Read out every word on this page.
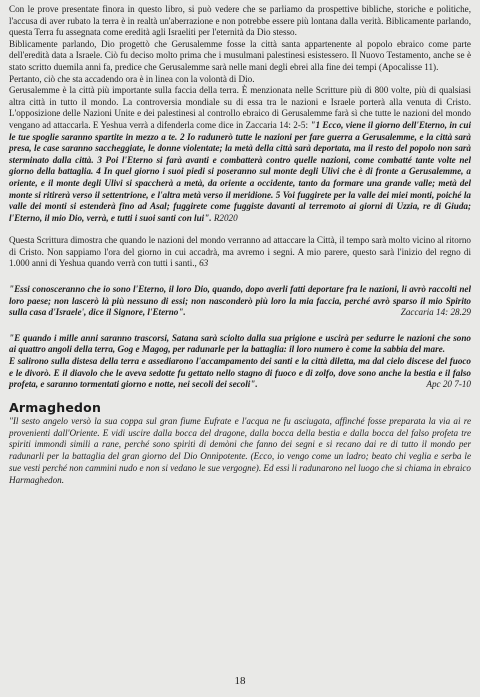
Con le prove presentate finora in questo libro, si può vedere che se parliamo da prospettive bibliche, storiche e politiche, l'accusa di aver rubato la terra è in realtà un'aberrazione e non potrebbe essere più lontana dalla verità. Biblicamente parlando, questa Terra fu assegnata come eredità agli Israeliti per l'eternità da Dio stesso.

Biblicamente parlando, Dio progettò che Gerusalemme fosse la città santa appartenente al popolo ebraico come parte dell'eredità data a Israele. Ciò fu deciso molto prima che i musulmani palestinesi esistessero. Il Nuovo Testamento, anche se è stato scritto duemila anni fa, predice che Gerusalemme sarà nelle mani degli ebrei alla fine dei tempi (Apocalisse 11).

Pertanto, ciò che sta accadendo ora è in linea con la volontà di Dio.

Gerusalemme è la città più importante sulla faccia della terra. È menzionata nelle Scritture più di 800 volte, più di qualsiasi altra città in tutto il mondo. La controversia mondiale su di essa tra le nazioni e Israele porterà alla venuta di Cristo. L'opposizione delle Nazioni Unite e dei palestinesi al controllo ebraico di Gerusalemme farà sì che tutte le nazioni del mondo vengano ad attaccarla. E Yeshua verrà a difenderla come dice in Zaccaria 14: 2-5: "1 Ecco, viene il giorno dell'Eterno, in cui le tue spoglie saranno spartite in mezzo a te. 2 Io radunerò tutte le nazioni per fare guerra a Gerusalemme, e la città sarà presa, le case saranno saccheggiate, le donne violentate; la metà della città sarà deportata, ma il resto del popolo non sarà sterminato dalla città. 3 Poi l'Eterno si farà avanti e combatterà contro quelle nazioni, come combatté tante volte nel giorno della battaglia. 4 In quel giorno i suoi piedi si poseranno sul monte degli Ulivi che è di fronte a Gerusalemme, a oriente, e il monte degli Ulivi si spaccherà a metà, da oriente a occidente, tanto da formare una grande valle; metà del monte si ritirerà verso il settentrione, e l'altra metà verso il meridione. 5 Voi fuggirete per la valle dei miei monti, poiché la valle dei monti si estenderà fino ad Asal; fuggirete come fuggiste davanti al terremoto ai giorni di Uzzia, re di Giuda; l'Eterno, il mio Dio, verrà, e tutti i suoi santi con lui". R2020

Questa Scrittura dimostra che quando le nazioni del mondo verranno ad attaccare la Città, il tempo sarà molto vicino al ritorno di Cristo. Non sappiamo l'ora del giorno in cui accadrà, ma avremo i segni. A mio parere, questo sarà l'inizio del regno di 1.000 anni di Yeshua quando verrà con tutti i santi., 63

"Essi conosceranno che io sono l'Eterno, il loro Dio, quando, dopo averli fatti deportare fra le nazioni, li avrò raccolti nel loro paese; non lascerò là più nessuno di essi; non nasconderò più loro la mia faccia, perché avrò sparso il mio Spirito sulla casa d'Israele', dice il Signore, l'Eterno".	Zaccaria 14: 28.29

"E quando i mille anni saranno trascorsi, Satana sarà sciolto dalla sua prigione e uscirà per sedurre le nazioni che sono ai quattro angoli della terra, Gog e Magog, per radunarle per la battaglia: il loro numero è come la sabbia del mare.
E salirono sulla distesa della terra e assediarono l'accampamento dei santi e la città diletta, ma dal cielo discese del fuoco e le divorò. E il diavolo che le aveva sedotte fu gettato nello stagno di fuoco e di zolfo, dove sono anche la bestia e il falso profeta, e saranno tormentati giorno e notte, nei secoli dei secoli".	Apc 20 7-10
Armaghedon

"Il sesto angelo versò la sua coppa sul gran fiume Eufrate e l'acqua ne fu asciugata, affinché fosse preparata la via ai re provenienti dall'Oriente. E vidi uscire dalla bocca del dragone, dalla bocca della bestia e dalla bocca del falso profeta tre spiriti immondi simili a rane, perché sono spiriti di demòni che fanno dei segni e si recano dai re di tutto il mondo per radunarli per la battaglia del gran giorno del Dio Onnipotente. (Ecco, io vengo come un ladro; beato chi veglia e serba le sue vesti perché non cammini nudo e non si vedano le sue vergogne). Ed essi li radunarono nel luogo che si chiama in ebraico Harmaghedon.

18
